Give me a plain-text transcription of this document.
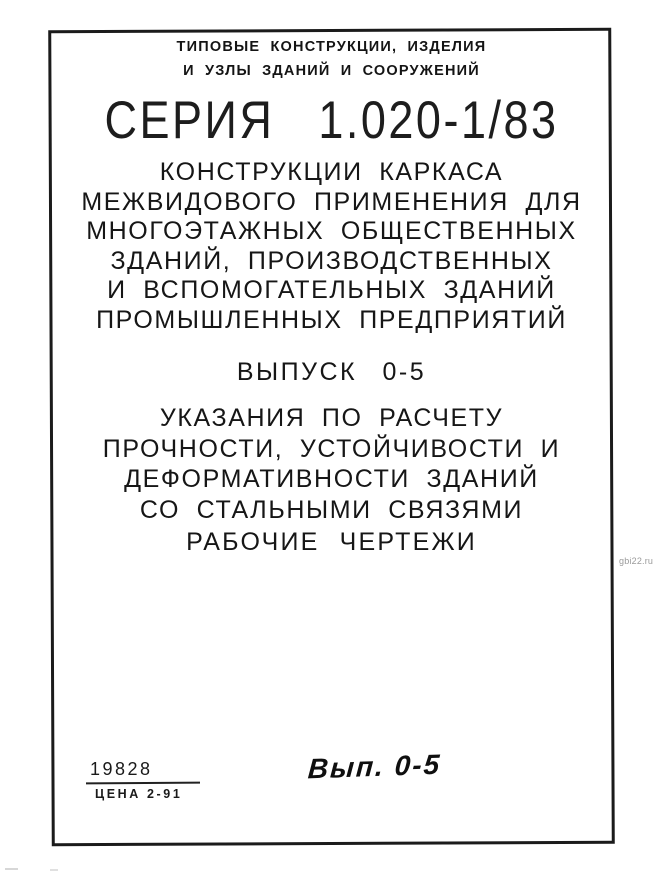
ТИПОВЫЕ КОНСТРУКЦИИ, ИЗДЕЛИЯ
И УЗЛЫ ЗДАНИЙ И СООРУЖЕНИЙ
СЕРИЯ 1.020-1/83
КОНСТРУКЦИИ КАРКАСА
МЕЖВИДОВОГО ПРИМЕНЕНИЯ ДЛЯ
МНОГОЭТАЖНЫХ ОБЩЕСТВЕННЫХ
ЗДАНИЙ, ПРОИЗВОДСТВЕННЫХ
И ВСПОМОГАТЕЛЬНЫХ ЗДАНИЙ
ПРОМЫШЛЕННЫХ ПРЕДПРИЯТИЙ
ВЫПУСК 0-5
УКАЗАНИЯ ПО РАСЧЕТУ
ПРОЧНОСТИ, УСТОЙЧИВОСТИ И
ДЕФОРМАТИВНОСТИ ЗДАНИЙ
СО СТАЛЬНЫМИ СВЯЗЯМИ
РАБОЧИЕ ЧЕРТЕЖИ
19828
ЦЕНА 2-91
Вып. 0-5
gbi22.ru
